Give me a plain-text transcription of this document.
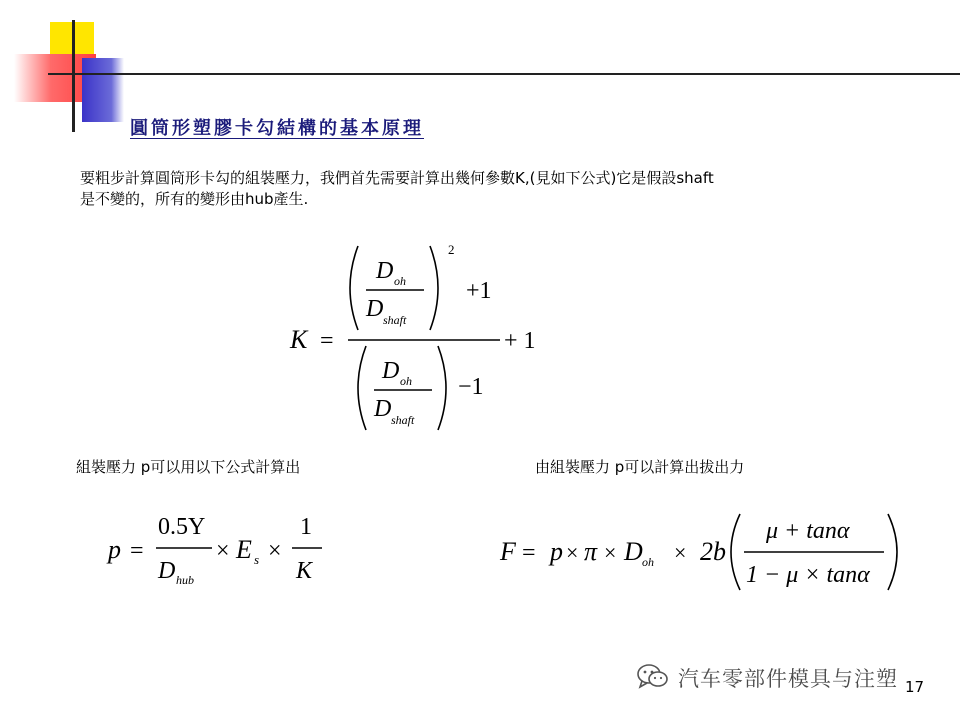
圓筒形塑膠卡勾結構的基本原理
要粗步計算圓筒形卡勾的組裝壓力，我們首先需要計算出幾何參數K,(見如下公式)它是假設shaft
是不變的，所有的變形由hub產生.
K =
D oh
D shaft
2
+1
D oh
D shaft
−1
+ 1
組裝壓力 p可以用以下公式計算出	由組裝壓力 p可以計算出拔出力
p =
0.5Y
D hub
× E s ×
1
K
F = p × π × D oh × 2b
μ + tanα
1 − μ × tanα
汽车零部件模具与注塑 17
